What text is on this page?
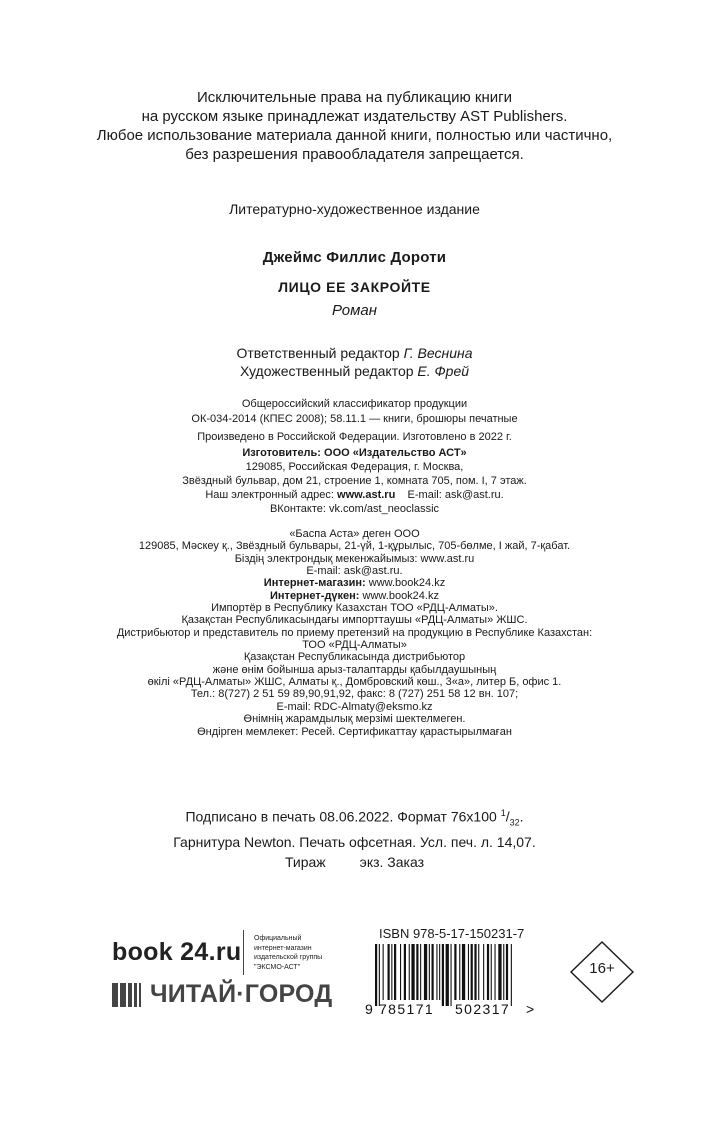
Исключительные права на публикацию книги
на русском языке принадлежат издательству AST Publishers.
Любое использование материала данной книги, полностью или частично,
без разрешения правообладателя запрещается.
Литературно-художественное издание
Джеймс Филлис Дороти
ЛИЦО ЕЕ ЗАКРОЙТЕ
Роман
Ответственный редактор Г. Веснина
Художественный редактор Е. Фрей
Общероссийский классификатор продукции
ОК-034-2014 (КПЕС 2008); 58.11.1 — книги, брошюры печатные
Произведено в Российской Федерации. Изготовлено в 2022 г.
Изготовитель: ООО «Издательство АСТ»
129085, Российская Федерация, г. Москва,
Звёздный бульвар, дом 21, строение 1, комната 705, пом. I, 7 этаж.
Наш электронный адрес: www.ast.ru E-mail: ask@ast.ru.
ВКонтакте: vk.com/ast_neoclassic
«Баспа Аста» деген ООО
129085, Мәскеу қ., Звёздный бульвары, 21-үй, 1-құрылыс, 705-бөлме, I жай, 7-қабат.
Біздің электрондық мекенжайымыз: www.ast.ru
E-mail: ask@ast.ru.
Интернет-магазин: www.book24.kz
Интернет-дүкен: www.book24.kz
Импортёр в Республику Казахстан ТОО «РДЦ-Алматы».
Қазақстан Республикасындағы импорттаушы «РДЦ-Алматы» ЖШС.
Дистрибьютор и представитель по приему претензий на продукцию в Республике Казахстан:
ТОО «РДЦ-Алматы»
Қазақстан Республикасында дистрибьютор
және өнім бойынша арыз-талаптарды қабылдаушының
өкілі «РДЦ-Алматы» ЖШС, Алматы қ., Домбровский көш., 3«а», литер Б, офис 1.
Тел.: 8(727) 2 51 59 89,90,91,92, факс: 8 (727) 251 58 12 вн. 107;
E-mail: RDC-Almaty@eksmo.kz
Өнімнің жарамдылық мерзімі шектелмеген.
Өндірген мемлекет: Ресей. Сертификаттау қарастырылмаған
Подписано в печать 08.06.2022. Формат 76x100 $^1/_{32}$.
Гарнитура Newton. Печать офсетная. Усл. печ. л. 14,07.
Тираж экз. Заказ
book 24.ru Официальный
интернет-магазин
издательской группы
"ЭКСМО-АСТ"
ЧИТАЙ·ГОРОД
ISBN 978-5-17-150231-7
9 785171 502317 >
16+
